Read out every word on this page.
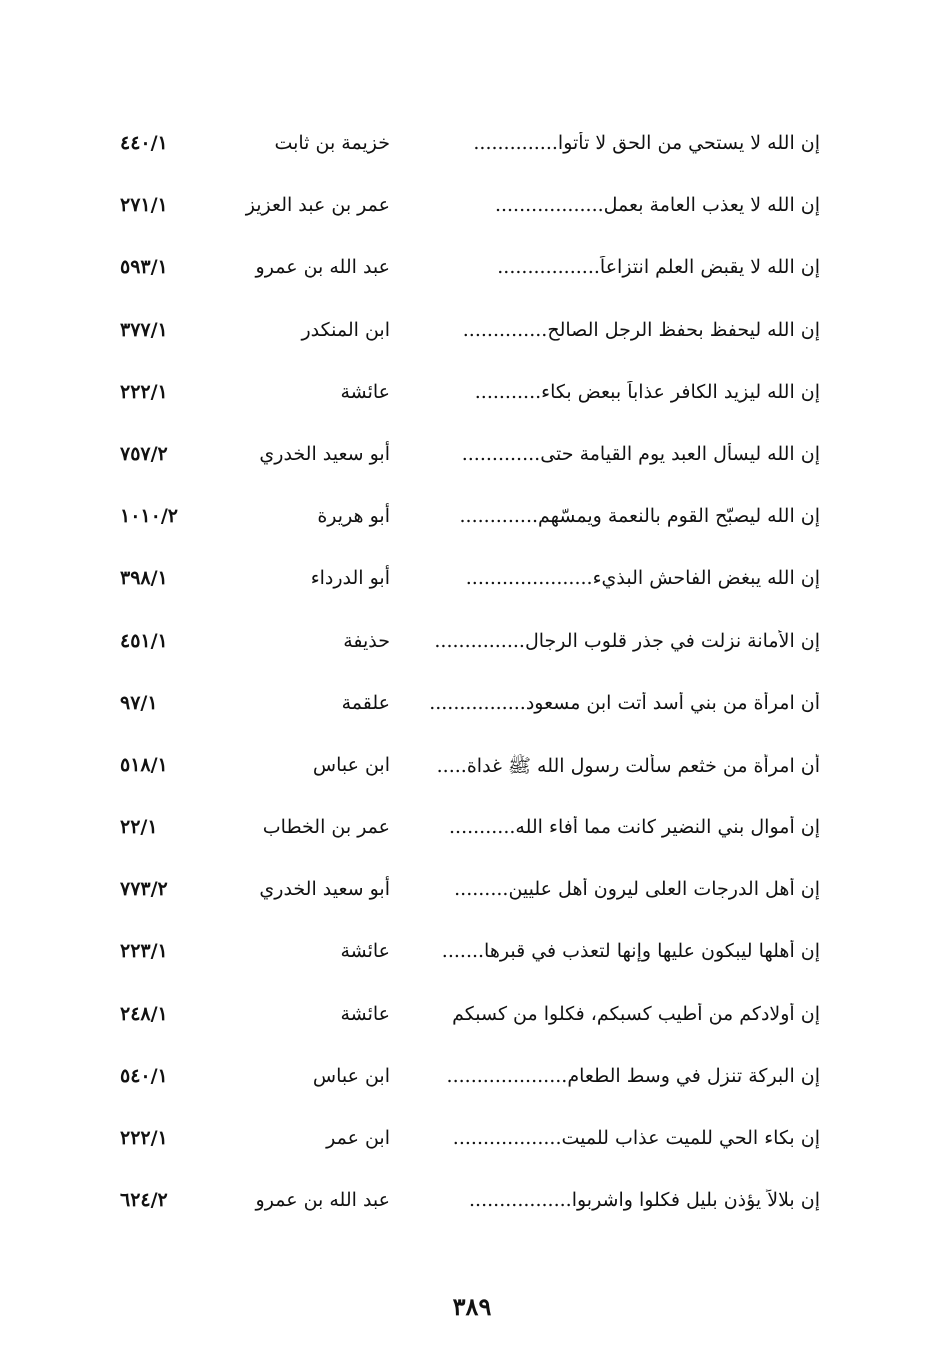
إن الله لا يستحي من الحق لا تأتوا..............
خزيمة بن ثابت
٤٤٠/١
إن الله لا يعذب العامة بعمل..................
عمر بن عبد العزيز
٢٧١/١
إن الله لا يقبض العلم انتزاعاً.................
عبد الله بن عمرو
٥٩٣/١
إن الله ليحفظ بحفظ الرجل الصالح..............
ابن المنكدر
٣٧٧/١
إن الله ليزيد الكافر عذاباً ببعض بكاء...........
عائشة
٢٢٢/١
إن الله ليسأل العبد يوم القيامة حتى.............
أبو سعيد الخدري
٧٥٧/٢
إن الله ليصبّح القوم بالنعمة ويمسّهم.............
أبو هريرة
١٠١٠/٢
إن الله يبغض الفاحش البذيء.....................
أبو الدرداء
٣٩٨/١
إن الأمانة نزلت في جذر قلوب الرجال...............
حذيفة
٤٥١/١
أن امرأة من بني أسد أتت ابن مسعود................
علقمة
٩٧/١
أن امرأة من خثعم سألت رسول الله ﷺ غداة.....
ابن عباس
٥١٨/١
إن أموال بني النضير كانت مما أفاء الله...........
عمر بن الخطاب
٢٢/١
إن أهل الدرجات العلى ليرون أهل عليين.........
أبو سعيد الخدري
٧٧٣/٢
إن أهلها ليبكون عليها وإنها لتعذب في قبرها.......
عائشة
٢٢٣/١
إن أولادكم من أطيب كسبكم، فكلوا من كسبكم
عائشة
٢٤٨/١
إن البركة تنزل في وسط الطعام....................
ابن عباس
٥٤٠/١
إن بكاء الحي للميت عذاب للميت..................
ابن عمر
٢٢٢/١
إن بلالاً يؤذن بليل فكلوا واشربوا.................
عبد الله بن عمرو
٦٢٤/٢
٣٨٩
